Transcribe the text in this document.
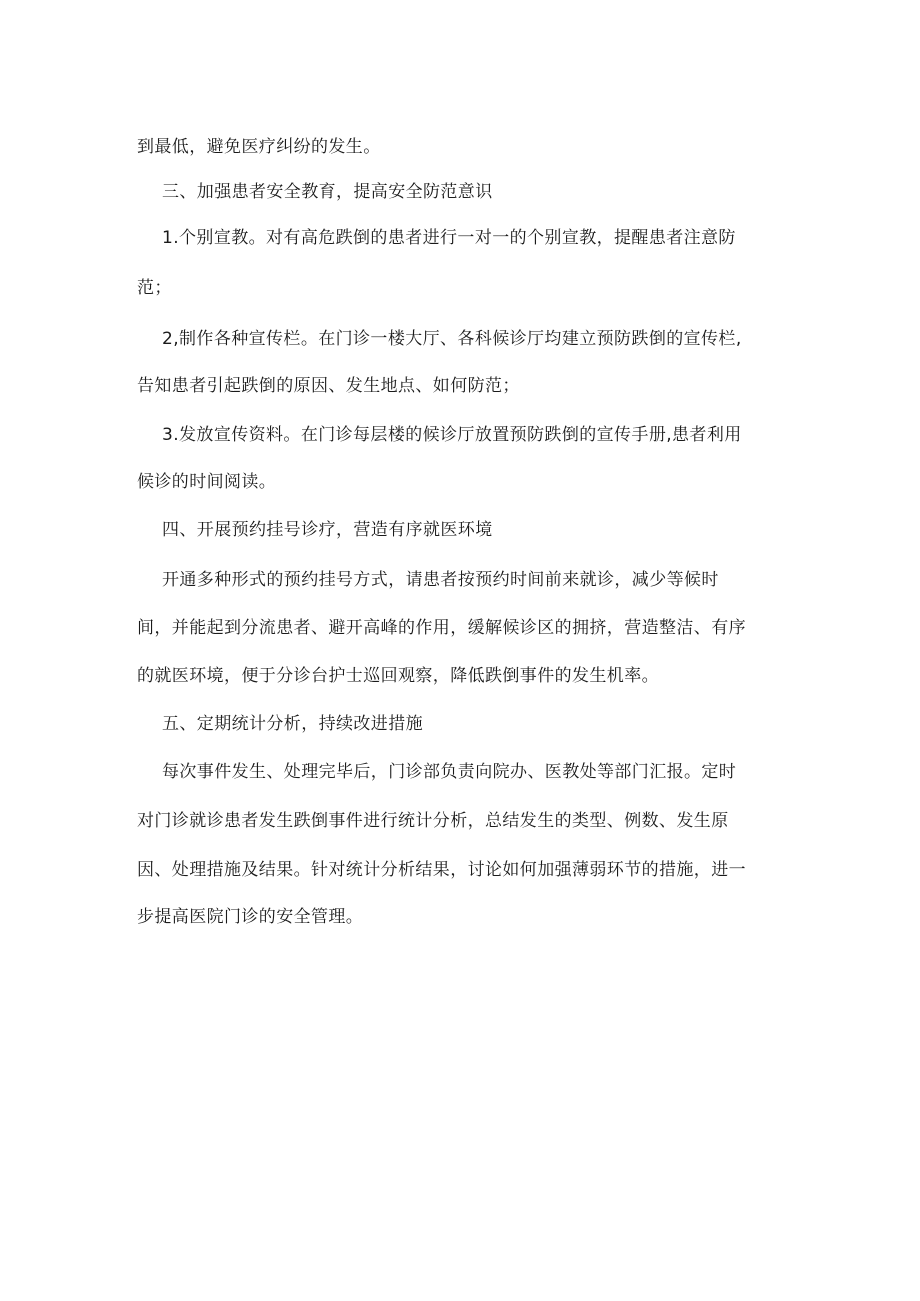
到最低，避免医疗纠纷的发生。
三、加强患者安全教育，提高安全防范意识
1.个别宣教。对有高危跌倒的患者进行一对一的个别宣教，提醒患者注意防
范；
2,制作各种宣传栏。在门诊一楼大厅、各科候诊厅均建立预防跌倒的宣传栏,
告知患者引起跌倒的原因、发生地点、如何防范；
3.发放宣传资料。在门诊每层楼的候诊厅放置预防跌倒的宣传手册,患者利用
候诊的时间阅读。
四、开展预约挂号诊疗，营造有序就医环境
开通多种形式的预约挂号方式，请患者按预约时间前来就诊，减少等候时
间，并能起到分流患者、避开高峰的作用，缓解候诊区的拥挤，营造整洁、有序
的就医环境，便于分诊台护士巡回观察，降低跌倒事件的发生机率。
五、定期统计分析，持续改进措施
每次事件发生、处理完毕后，门诊部负责向院办、医教处等部门汇报。定时
对门诊就诊患者发生跌倒事件进行统计分析，总结发生的类型、例数、发生原
因、处理措施及结果。针对统计分析结果，讨论如何加强薄弱环节的措施，进一
步提高医院门诊的安全管理。
